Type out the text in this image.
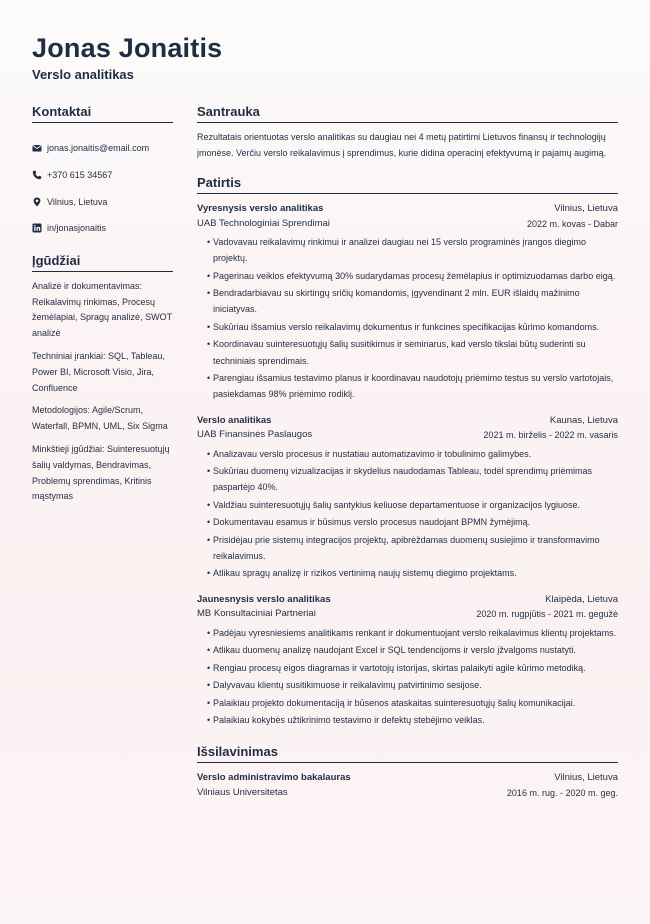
Jonas Jonaitis
Verslo analitikas
Kontaktai
jonas.jonaitis@email.com
+370 615 34567
Vilnius, Lietuva
in/jonasjonaitis
Įgūdžiai
Analizė ir dokumentavimas: Reikalavimų rinkimas, Procesų žemėlapiai, Spragų analizė, SWOT analizė
Techniniai įrankiai: SQL, Tableau, Power BI, Microsoft Visio, Jira, Confluence
Metodologijos: Agile/Scrum, Waterfall, BPMN, UML, Six Sigma
Minkštieji įgūdžiai: Suinteresuotųjų šalių valdymas, Bendravimas, Problemų sprendimas, Kritinis mąstymas
Santrauka
Rezultatais orientuotas verslo analitikas su daugiau nei 4 metų patirtimi Lietuvos finansų ir technologijų įmonėse. Verčiu verslo reikalavimus į sprendimus, kurie didina operacinį efektyvumą ir pajamų augimą.
Patirtis
Vyresnysis verslo analitikas	Vilnius, Lietuva
UAB Technologiniai Sprendimai	2022 m. kovas - Dabar
• Vadovavau reikalavimų rinkimui ir analizei daugiau nei 15 verslo programinės įrangos diegimo projektų.
• Pagerinau veiklos efektyvumą 30% sudarydamas procesų žemėlapius ir optimizuodamas darbo eigą.
• Bendradarbiavau su skirtingų sričių komandomis, įgyvendinant 2 mln. EUR išlaidų mažinimo iniciatyvas.
• Sukūriau išsamius verslo reikalavimų dokumentus ir funkcines specifikacijas kūrimo komandoms.
• Koordinavau suinteresuotųjų šalių susitikimus ir seminarus, kad verslo tikslai būtų suderinti su techniniais sprendimais.
• Parengiau išsamius testavimo planus ir koordinavau naudotojų priėmimo testus su verslo vartotojais, pasiekdamas 98% priėmimo rodiklį.
Verslo analitikas	Kaunas, Lietuva
UAB Finansinės Paslaugos	2021 m. birželis - 2022 m. vasaris
• Analizavau verslo procesus ir nustatiau automatizavimo ir tobulinimo galimybes.
• Sukūriau duomenų vizualizacijas ir skydelius naudodamas Tableau, todėl sprendimų priėmimas paspartėjo 40%.
• Valdžiau suinteresuotųjų šalių santykius keliuose departamentuose ir organizacijos lygiuose.
• Dokumentavau esamus ir būsimus verslo procesus naudojant BPMN žymėjimą.
• Prisidėjau prie sistemų integracijos projektų, apibrėždamas duomenų susiejimo ir transformavimo reikalavimus.
• Atlikau spragų analizę ir rizikos vertinimą naujų sistemų diegimo projektams.
Jaunesnysis verslo analitikas	Klaipėda, Lietuva
MB Konsultaciniai Partneriai	2020 m. rugpjūtis - 2021 m. gegužė
• Padėjau vyresniesiems analitikams renkant ir dokumentuojant verslo reikalavimus klientų projektams.
• Atlikau duomenų analizę naudojant Excel ir SQL tendencijoms ir verslo įžvalgoms nustatyti.
• Rengiau procesų eigos diagramas ir vartotojų istorijas, skirtas palaikyti agile kūrimo metodiką.
• Dalyvavau klientų susitikimuose ir reikalavimų patvirtinimo sesijose.
• Palaikiau projekto dokumentaciją ir būsenos ataskaitas suinteresuotųjų šalių komunikacijai.
• Palaikiau kokybės užtikrinimo testavimo ir defektų stebėjimo veiklas.
Išsilavinimas
Verslo administravimo bakalauras	Vilnius, Lietuva
Vilniaus Universitetas	2016 m. rug. - 2020 m. geg.
